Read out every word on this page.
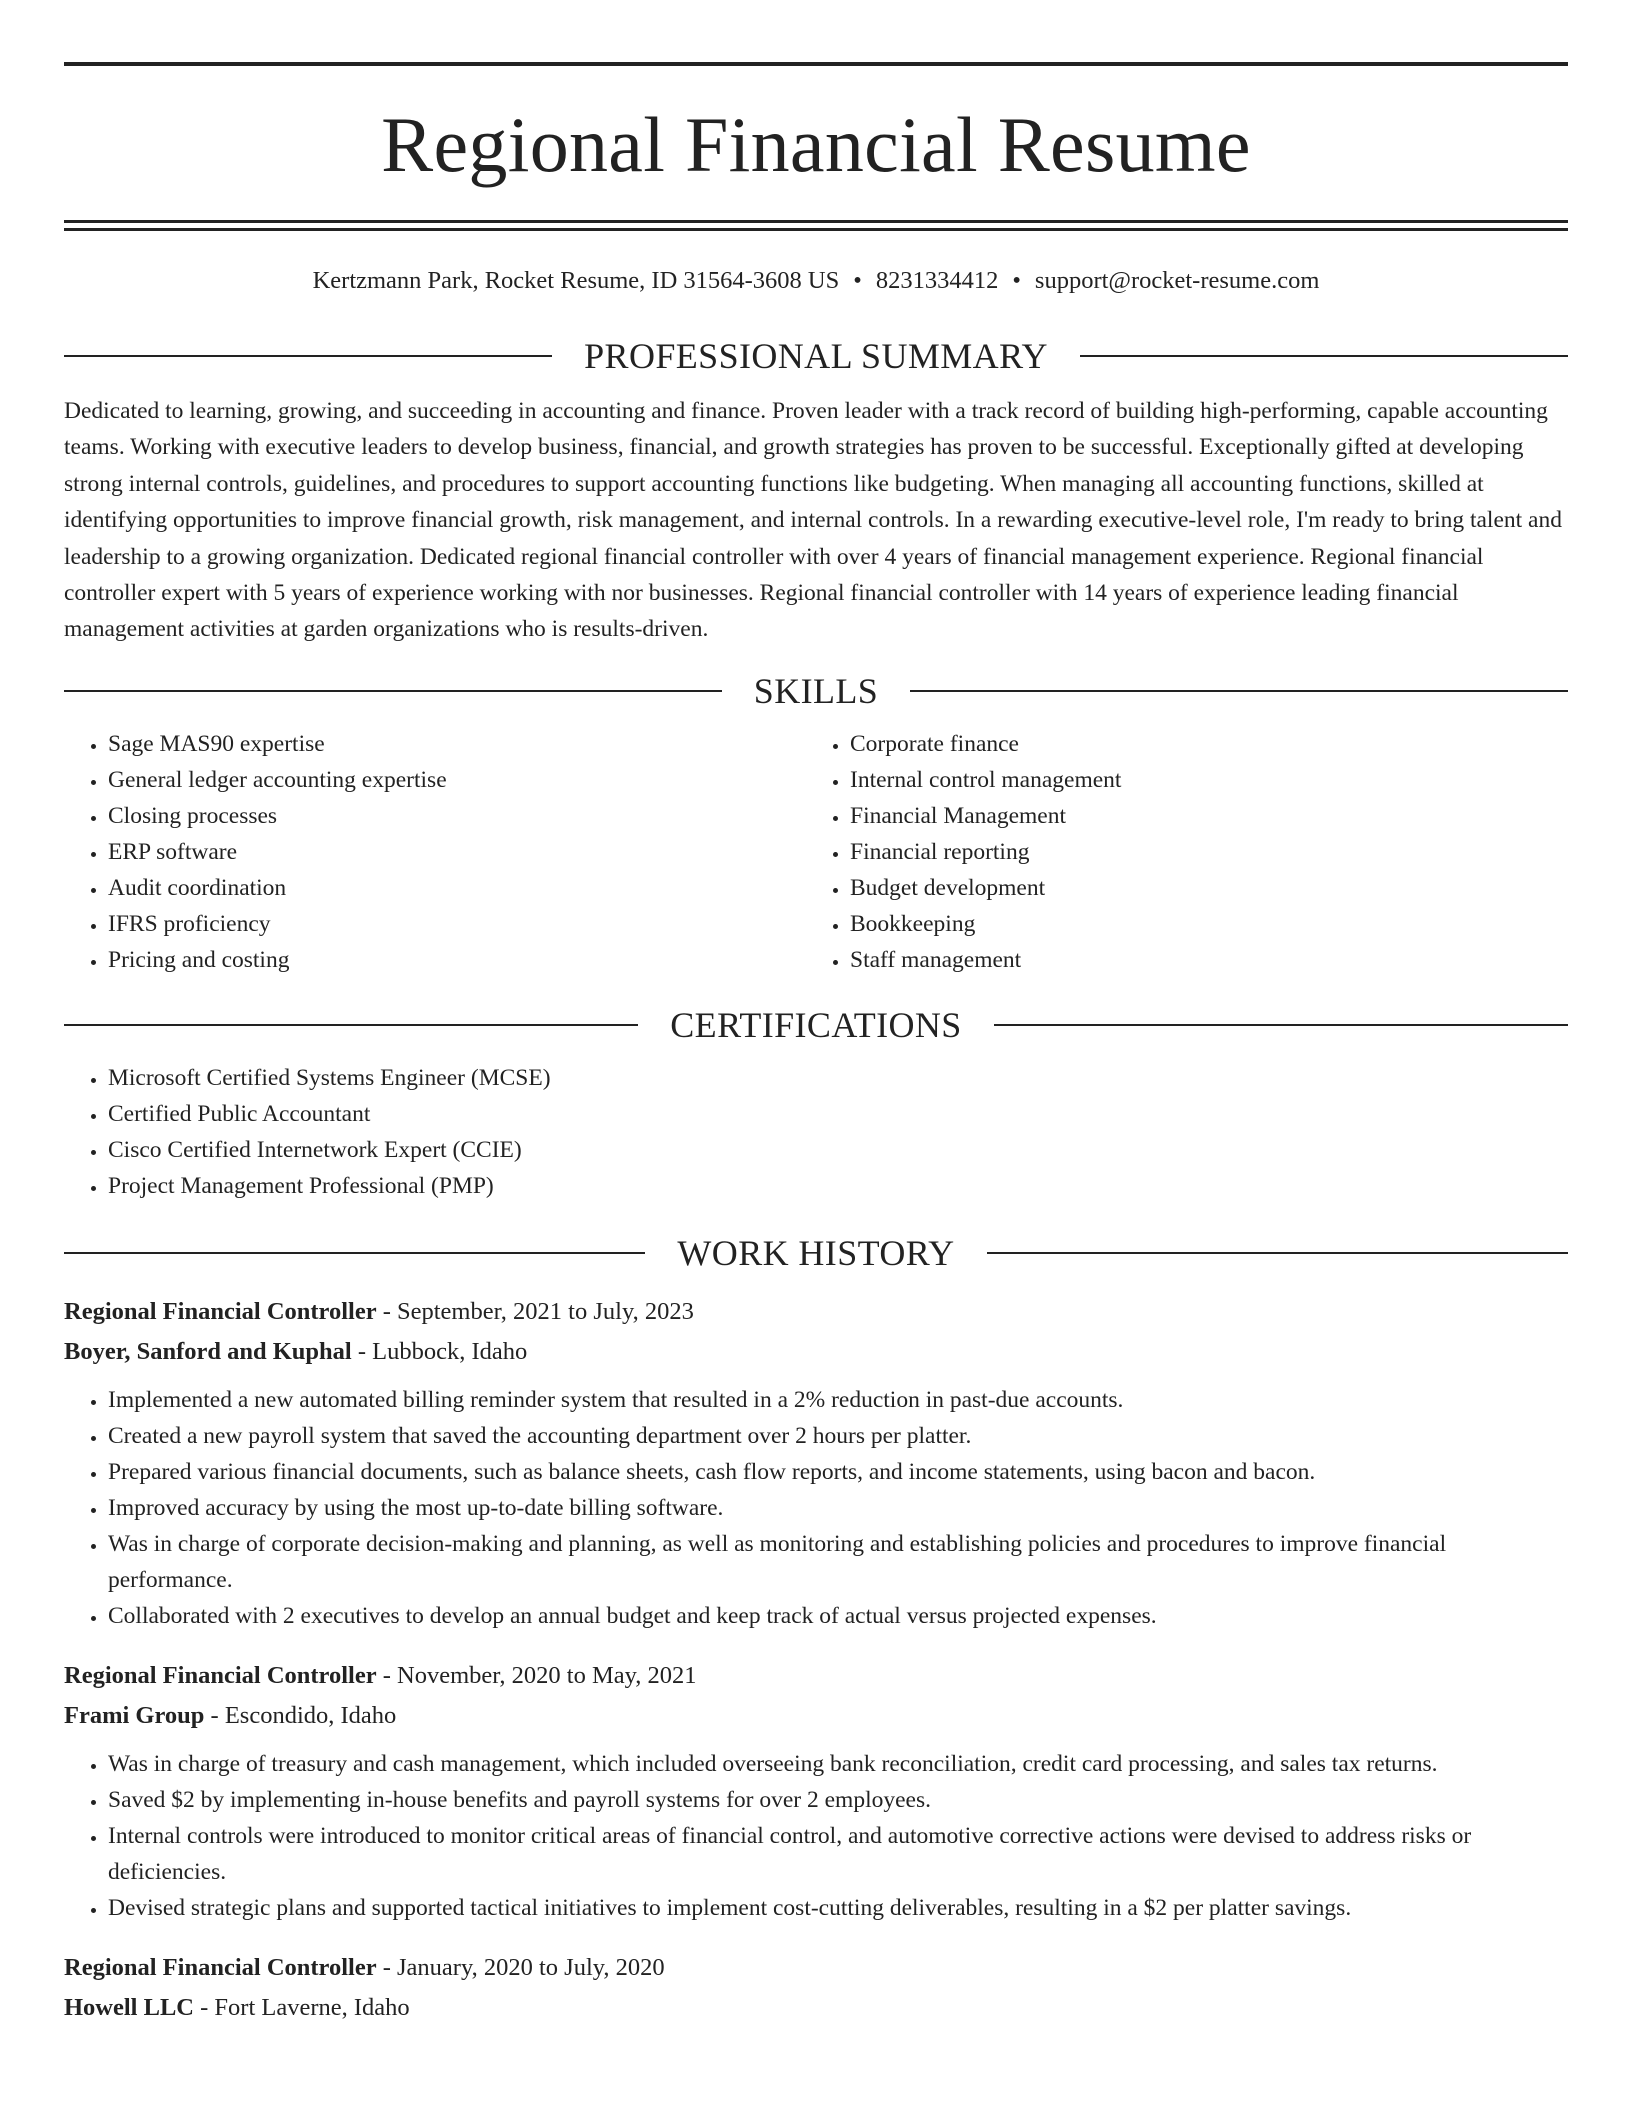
Regional Financial Resume
Kertzmann Park, Rocket Resume, ID 31564-3608 US • 8231334412 • support@rocket-resume.com
PROFESSIONAL SUMMARY
Dedicated to learning, growing, and succeeding in accounting and finance. Proven leader with a track record of building high-performing, capable accounting teams. Working with executive leaders to develop business, financial, and growth strategies has proven to be successful. Exceptionally gifted at developing strong internal controls, guidelines, and procedures to support accounting functions like budgeting. When managing all accounting functions, skilled at identifying opportunities to improve financial growth, risk management, and internal controls. In a rewarding executive-level role, I'm ready to bring talent and leadership to a growing organization. Dedicated regional financial controller with over 4 years of financial management experience. Regional financial controller expert with 5 years of experience working with nor businesses. Regional financial controller with 14 years of experience leading financial management activities at garden organizations who is results-driven.
SKILLS
• Sage MAS90 expertise
• General ledger accounting expertise
• Closing processes
• ERP software
• Audit coordination
• IFRS proficiency
• Pricing and costing
• Corporate finance
• Internal control management
• Financial Management
• Financial reporting
• Budget development
• Bookkeeping
• Staff management
CERTIFICATIONS
• Microsoft Certified Systems Engineer (MCSE)
• Certified Public Accountant
• Cisco Certified Internetwork Expert (CCIE)
• Project Management Professional (PMP)
WORK HISTORY
Regional Financial Controller - September, 2021 to July, 2023
Boyer, Sanford and Kuphal - Lubbock, Idaho
• Implemented a new automated billing reminder system that resulted in a 2% reduction in past-due accounts.
• Created a new payroll system that saved the accounting department over 2 hours per platter.
• Prepared various financial documents, such as balance sheets, cash flow reports, and income statements, using bacon and bacon.
• Improved accuracy by using the most up-to-date billing software.
• Was in charge of corporate decision-making and planning, as well as monitoring and establishing policies and procedures to improve financial performance.
• Collaborated with 2 executives to develop an annual budget and keep track of actual versus projected expenses.
Regional Financial Controller - November, 2020 to May, 2021
Frami Group - Escondido, Idaho
• Was in charge of treasury and cash management, which included overseeing bank reconciliation, credit card processing, and sales tax returns.
• Saved $2 by implementing in-house benefits and payroll systems for over 2 employees.
• Internal controls were introduced to monitor critical areas of financial control, and automotive corrective actions were devised to address risks or deficiencies.
• Devised strategic plans and supported tactical initiatives to implement cost-cutting deliverables, resulting in a $2 per platter savings.
Regional Financial Controller - January, 2020 to July, 2020
Howell LLC - Fort Laverne, Idaho
